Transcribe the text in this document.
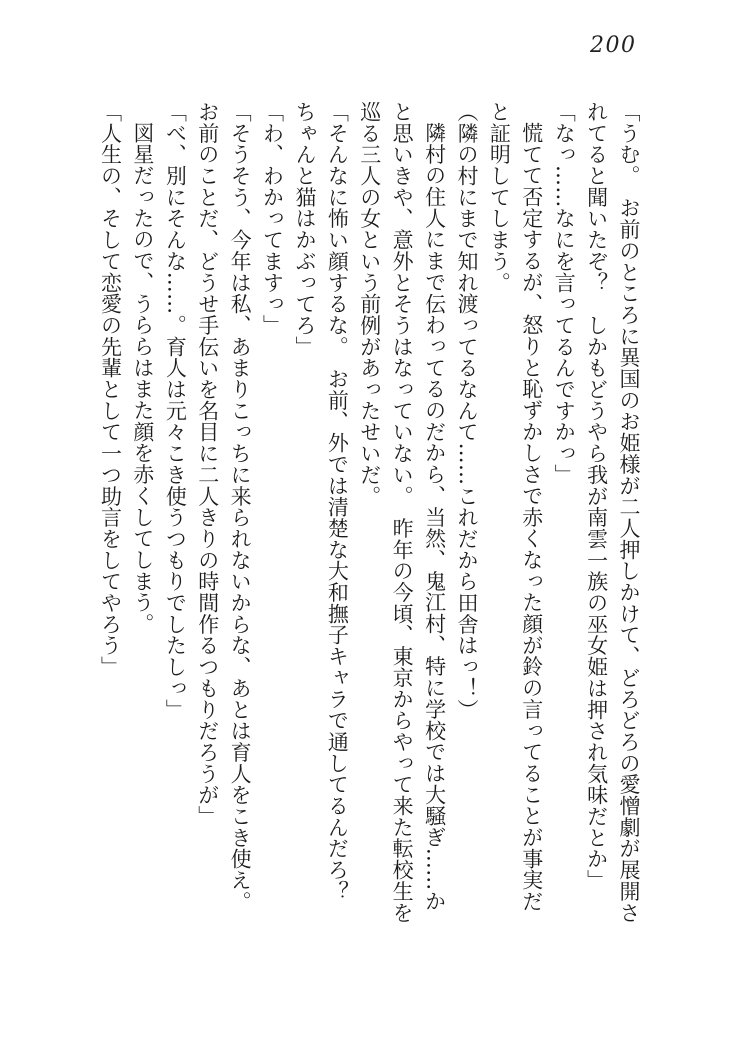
200
「うむ。　お前のところに異国のお姫様が二人押しかけて、どろどろの愛憎劇が展開さ
れてると聞いたぞ？　しかもどうやら我が南雲一族の巫女姫は押され気味だとか」
「なっ……なにを言ってるんですかっ」
慌てて否定するが、怒りと恥ずかしさで赤くなった顔が鈴の言ってることが事実だ
と証明してしまう。
（隣の村にまで知れ渡ってるなんて……これだから田舎はっ！）
隣村の住人にまで伝わってるのだから、当然、鬼江村、特に学校では大騒ぎ……か
と思いきや、意外とそうはなっていない。　昨年の今頃、東京からやって来た転校生を
巡る三人の女という前例があったせいだ。
「そんなに怖い顔するな。　お前、外では清楚な大和撫子キャラで通してるんだろ？
ちゃんと猫はかぶってろ」
「わ、わかってますっ」
「そうそう、今年は私、あまりこっちに来られないからな、あとは育人をこき使え。
お前のことだ、どうせ手伝いを名目に二人きりの時間作るつもりだろうが」
「べ、別にそんな……。育人は元々こき使うつもりでしたしっ」
図星だったので、うららはまた顔を赤くしてしまう。
「人生の、そして恋愛の先輩として一つ助言をしてやろう」
